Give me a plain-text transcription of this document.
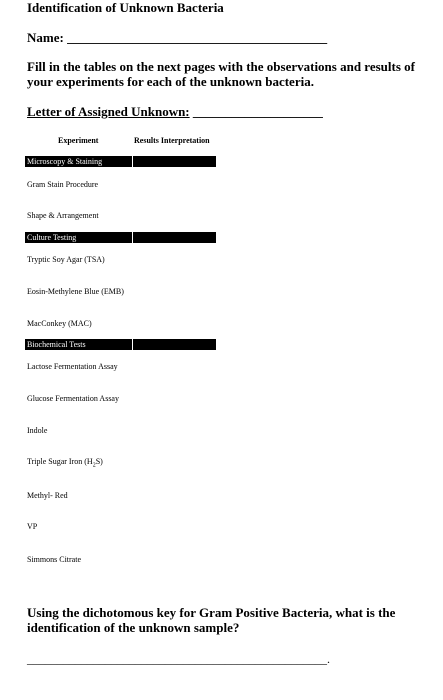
Identification of Unknown Bacteria
Name: ________________________________________
Fill in the tables on the next pages with the observations and results of your experiments for each of the unknown bacteria.
Letter of Assigned Unknown: ____________________
Experiment	Results Interpretation
Microscopy & Staining
Gram Stain Procedure
Shape & Arrangement
Culture Testing
Tryptic Soy Agar (TSA)
Eosin-Methylene Blue (EMB)
MacConkey (MAC)
Biochemical Tests
Lactose Fermentation Assay
Glucose Fermentation Assay
Indole
Triple Sugar Iron $(H_2S)$
Methyl- Red
VP
Simmons Citrate
Using the dichotomous key for Gram Positive Bacteria, what is the identification of the unknown sample?
__________________________________________________.
